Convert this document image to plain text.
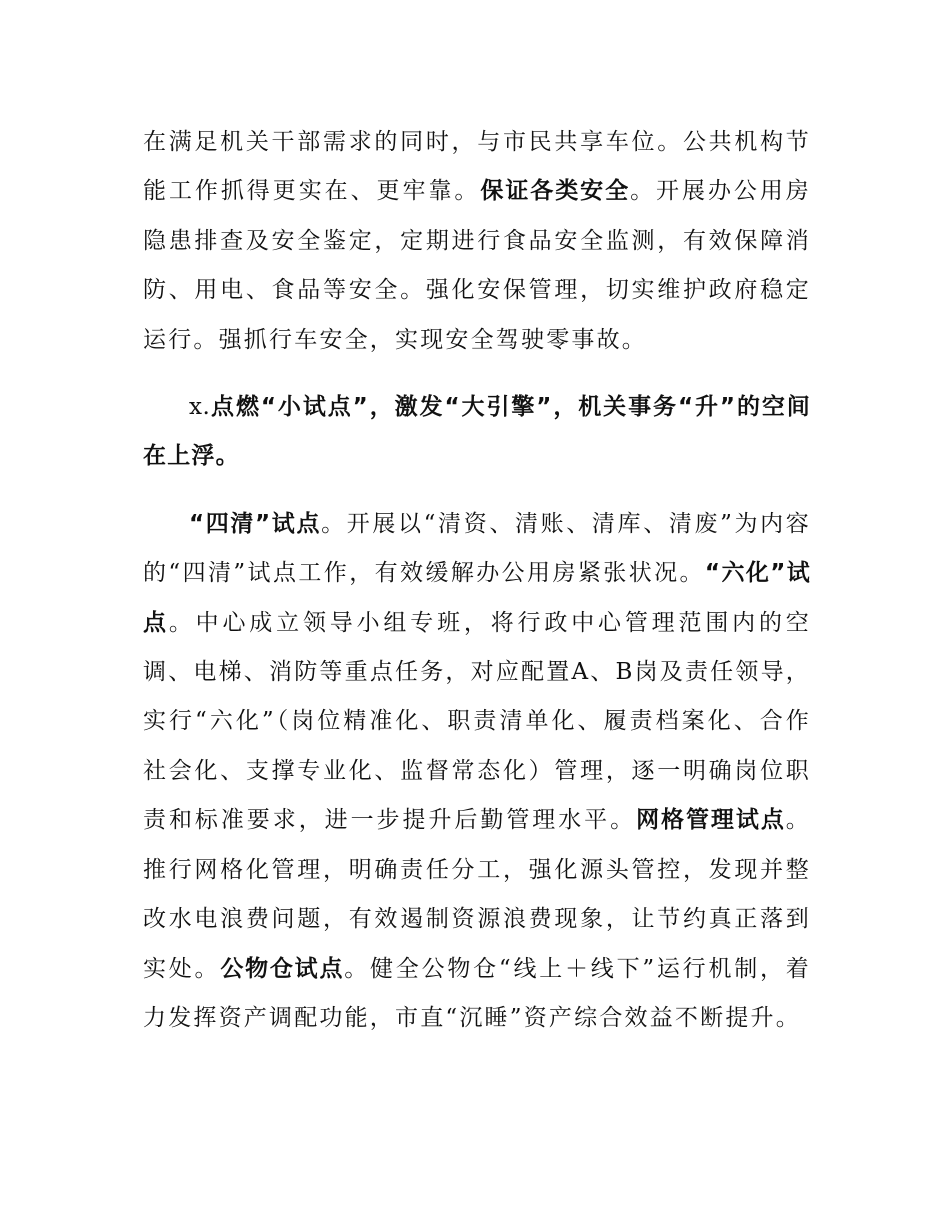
在满足机关干部需求的同时，与市民共享车位。公共机构节能工作抓得更实在、更牢靠。保证各类安全。开展办公用房隐患排查及安全鉴定，定期进行食品安全监测，有效保障消防、用电、食品等安全。强化安保管理，切实维护政府稳定运行。强抓行车安全，实现安全驾驶零事故。

x.点燃“小试点”，激发“大引擎”，机关事务“升”的空间在上浮。

“四清”试点。开展以“清资、清账、清库、清废”为内容的“四清”试点工作，有效缓解办公用房紧张状况。“六化”试点。中心成立领导小组专班，将行政中心管理范围内的空调、电梯、消防等重点任务，对应配置A、B岗及责任领导，实行“六化”（岗位精准化、职责清单化、履责档案化、合作社会化、支撑专业化、监督常态化）管理，逐一明确岗位职责和标准要求，进一步提升后勤管理水平。网格管理试点。推行网格化管理，明确责任分工，强化源头管控，发现并整改水电浪费问题，有效遏制资源浪费现象，让节约真正落到实处。公物仓试点。健全公物仓“线上＋线下”运行机制，着力发挥资产调配功能，市直“沉睡”资产综合效益不断提升。
